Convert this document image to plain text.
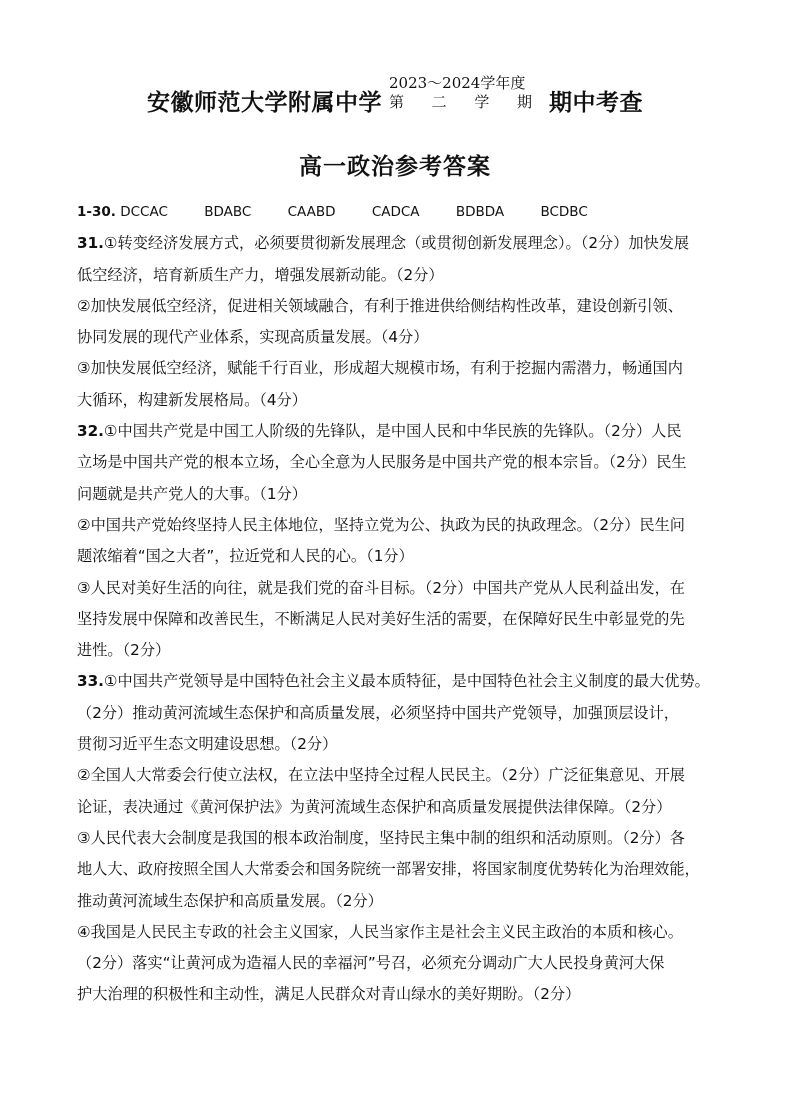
安徽师范大学附属中学
2023～2024学年度
第二学期 期中考查
高一政治参考答案
1-30. DCCAC	BDABC	CAABD	CADCA	BDBDA	BCDBC
31.①转变经济发展方式，必须要贯彻新发展理念（或贯彻创新发展理念）。（2分）加快发展
低空经济，培育新质生产力，增强发展新动能。（2分）
②加快发展低空经济，促进相关领域融合，有利于推进供给侧结构性改革，建设创新引领、
协同发展的现代产业体系，实现高质量发展。（4分）
③加快发展低空经济，赋能千行百业，形成超大规模市场，有利于挖掘内需潜力，畅通国内
大循环，构建新发展格局。（4分）
32.①中国共产党是中国工人阶级的先锋队，是中国人民和中华民族的先锋队。（2分）人民
立场是中国共产党的根本立场，全心全意为人民服务是中国共产党的根本宗旨。（2分）民生
问题就是共产党人的大事。（1分）
②中国共产党始终坚持人民主体地位，坚持立党为公、执政为民的执政理念。（2分）民生问
题浓缩着“国之大者”，拉近党和人民的心。（1分）
③人民对美好生活的向往，就是我们党的奋斗目标。（2分）中国共产党从人民利益出发，在
坚持发展中保障和改善民生，不断满足人民对美好生活的需要，在保障好民生中彰显党的先
进性。（2分）
33.①中国共产党领导是中国特色社会主义最本质特征，是中国特色社会主义制度的最大优势。
（2分）推动黄河流域生态保护和高质量发展，必须坚持中国共产党领导，加强顶层设计，
贯彻习近平生态文明建设思想。（2分）
②全国人大常委会行使立法权，在立法中坚持全过程人民民主。（2分）广泛征集意见、开展
论证，表决通过《黄河保护法》为黄河流域生态保护和高质量发展提供法律保障。（2分）
③人民代表大会制度是我国的根本政治制度，坚持民主集中制的组织和活动原则。（2分）各
地人大、政府按照全国人大常委会和国务院统一部署安排，将国家制度优势转化为治理效能，
推动黄河流域生态保护和高质量发展。（2分）
④我国是人民民主专政的社会主义国家，人民当家作主是社会主义民主政治的本质和核心。
（2分）落实“让黄河成为造福人民的幸福河”号召，必须充分调动广大人民投身黄河大保
护大治理的积极性和主动性，满足人民群众对青山绿水的美好期盼。（2分）
